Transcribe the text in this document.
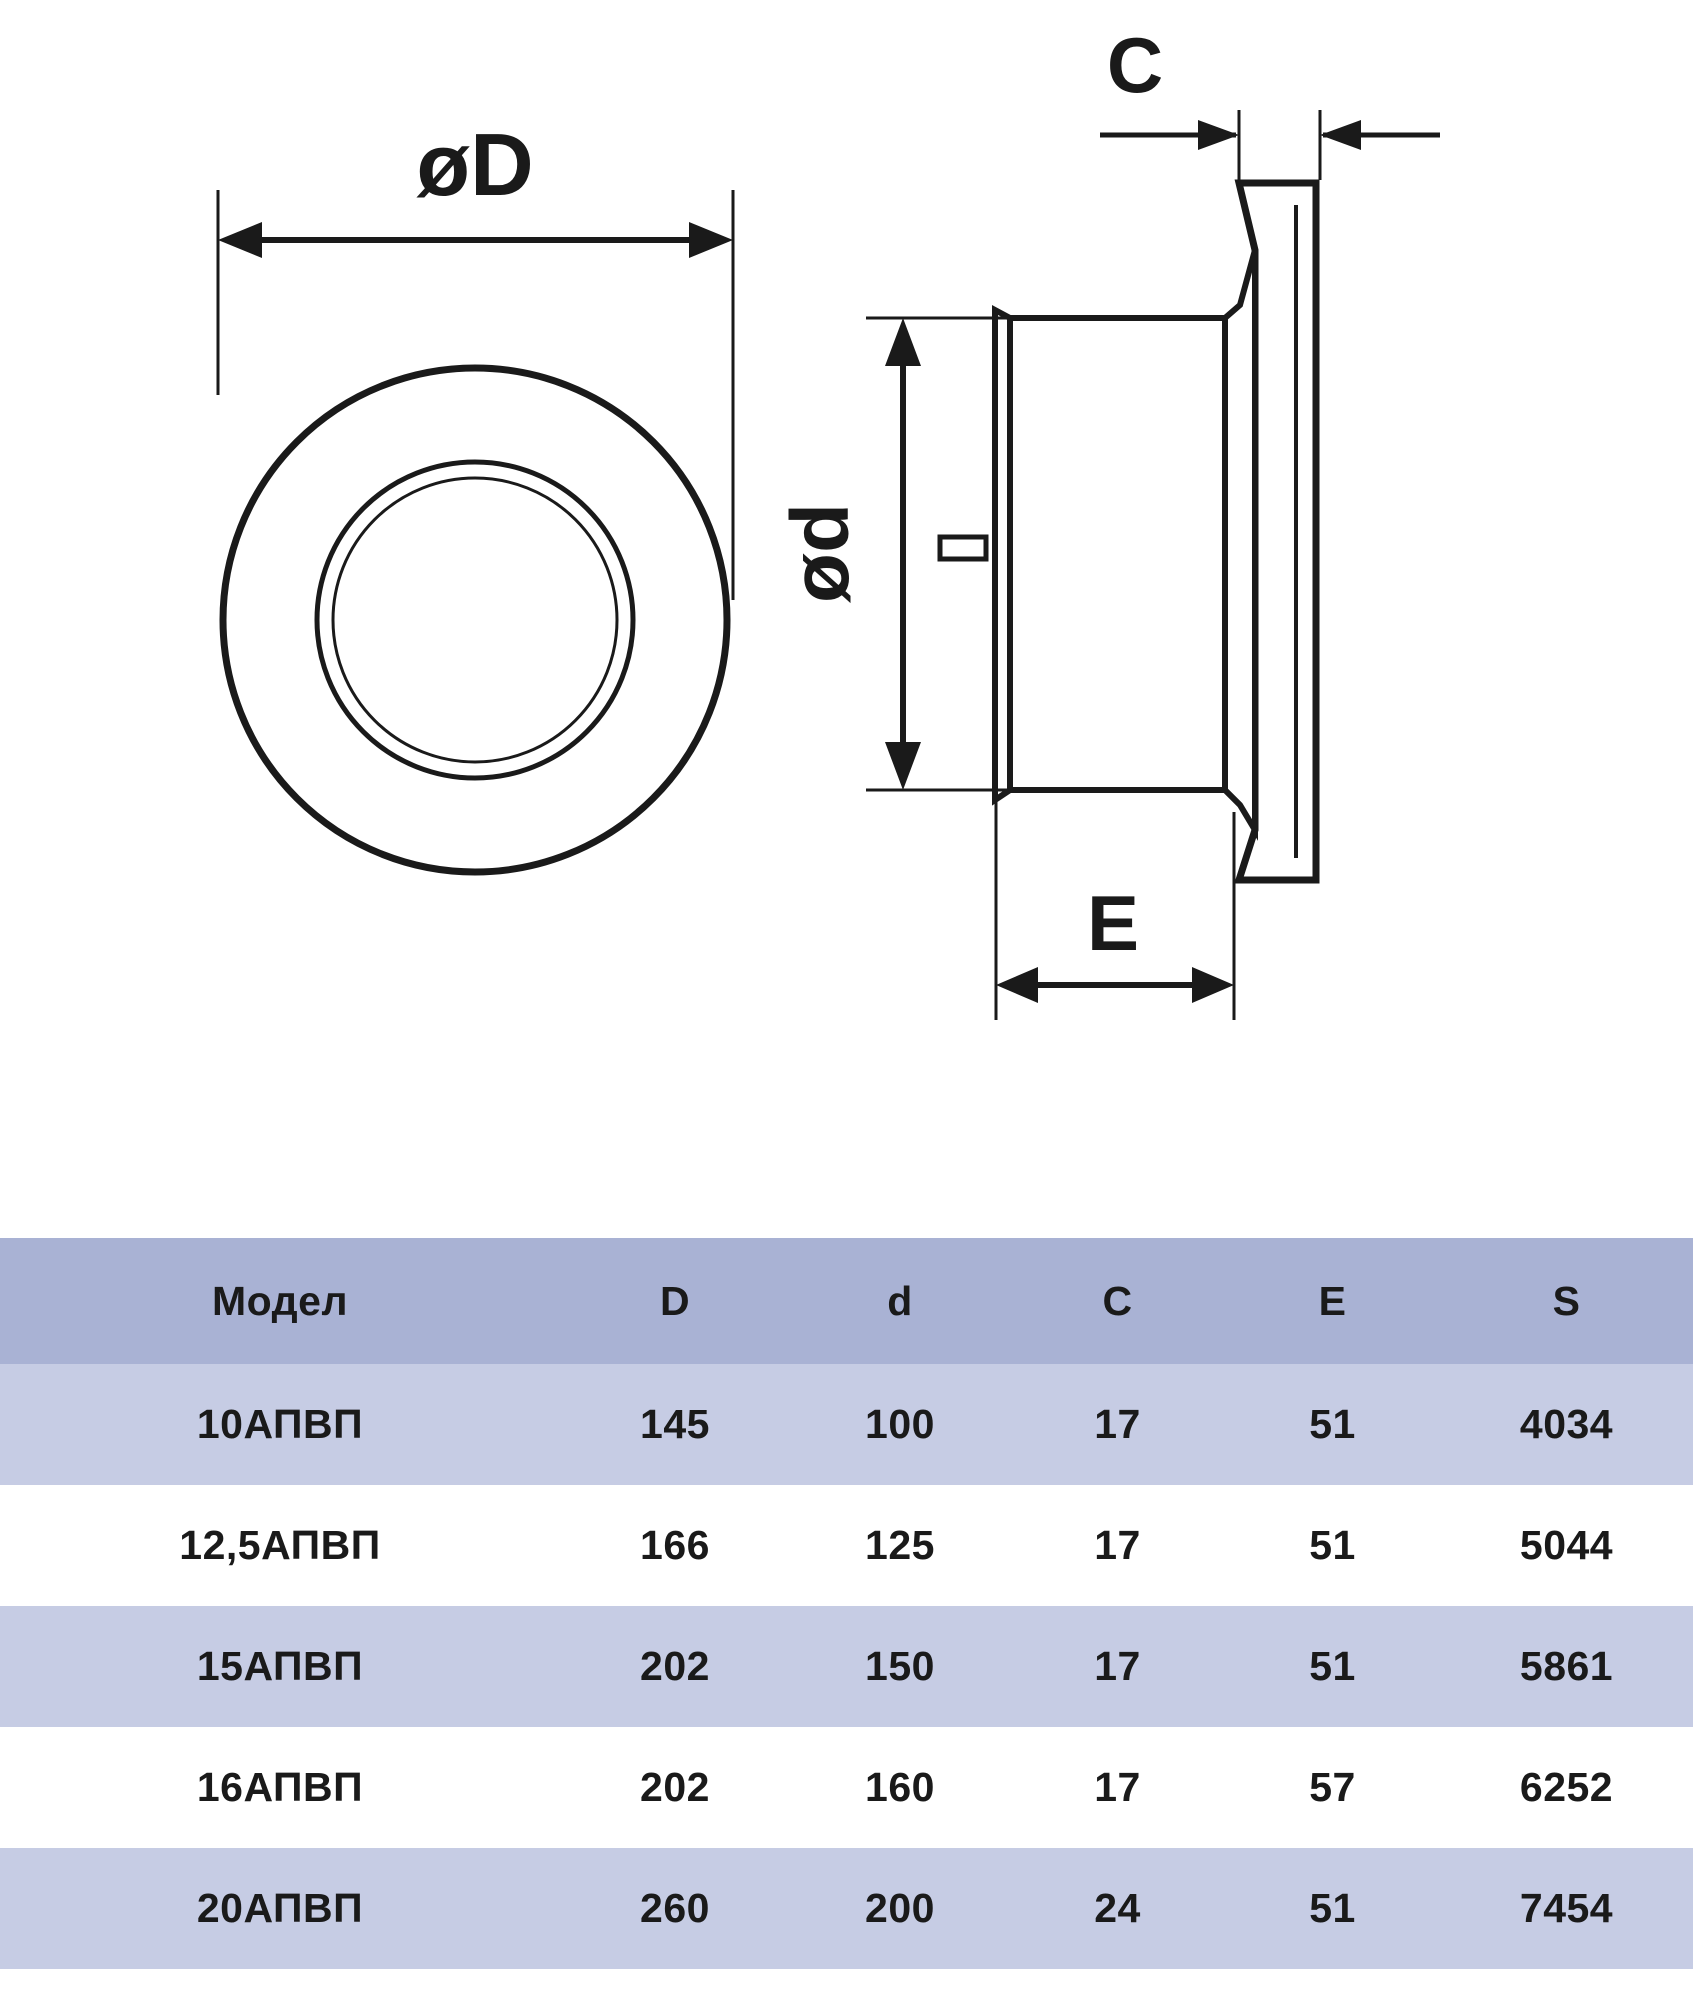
øD
C
ød
E
Модел	D	d	C	E	S
10АПВП	145	100	17	51	4034
12,5АПВП	166	125	17	51	5044
15АПВП	202	150	17	51	5861
16АПВП	202	160	17	57	6252
20АПВП	260	200	24	51	7454
